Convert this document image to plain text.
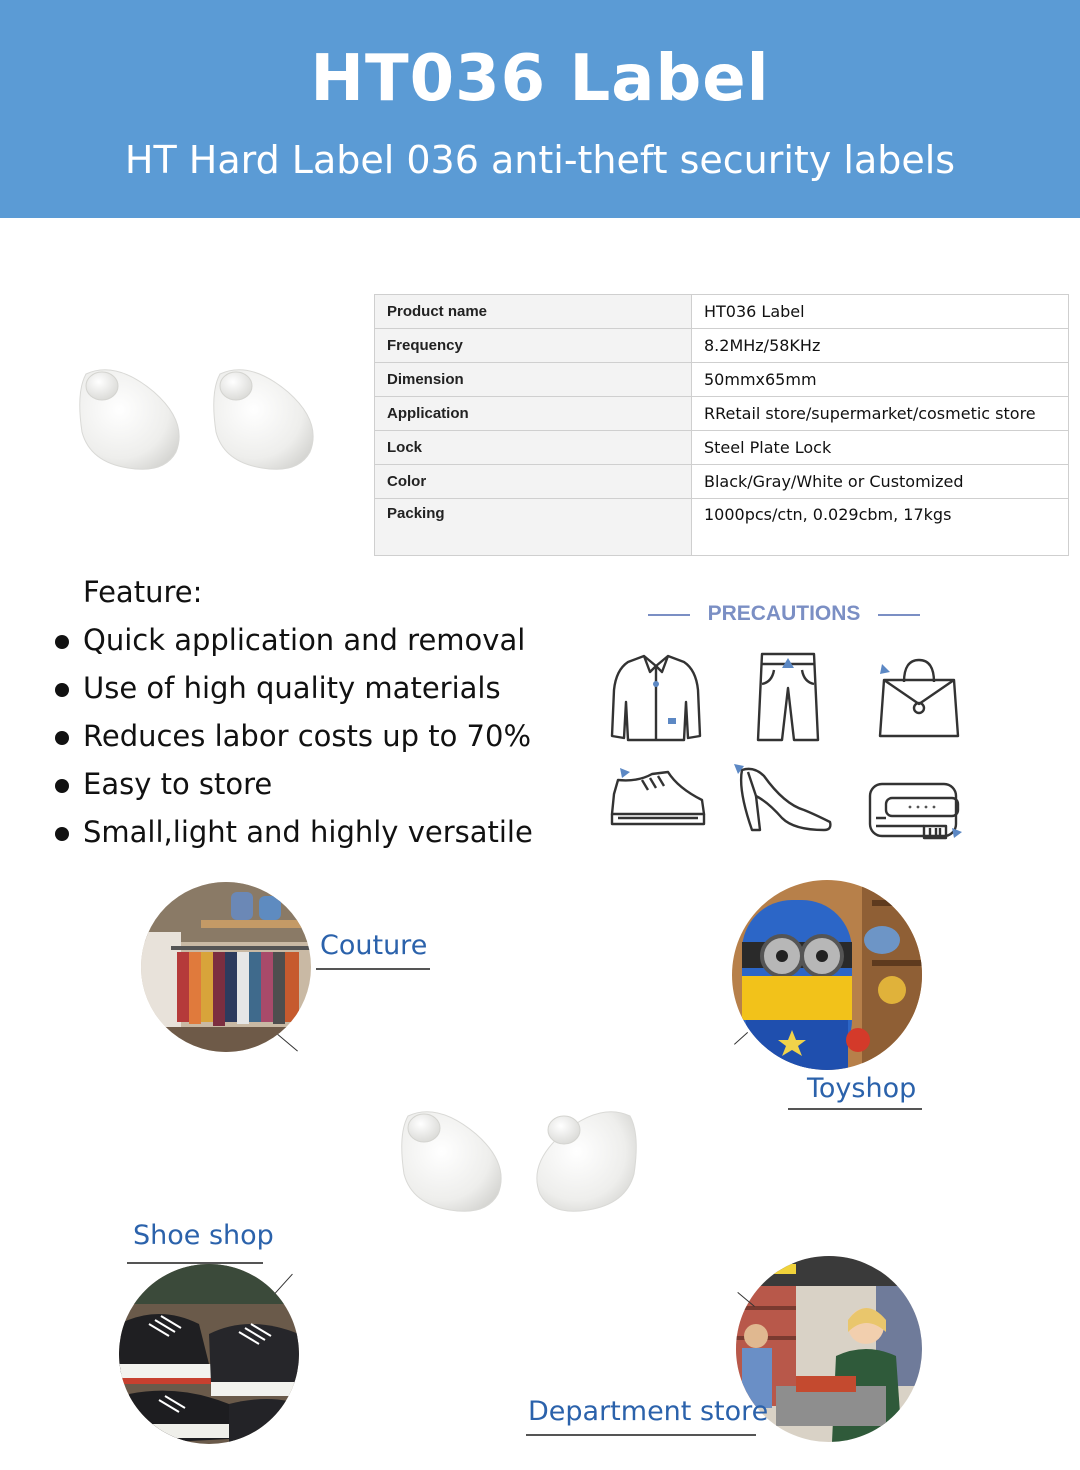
HT036 Label
HT Hard Label 036 anti-theft security labels
Product name	HT036 Label
Frequency	8.2MHz/58KHz
Dimension	50mmx65mm
Application	RRetail store/supermarket/cosmetic store
Lock	Steel Plate Lock
Color	Black/Gray/White or Customized
Packing	1000pcs/ctn, 0.029cbm, 17kgs
Feature:
Quick application and removal
Use of high quality materials
Reduces labor costs up to 70%
Easy to store
Small,light and highly versatile
PRECAUTIONS
Couture
Toyshop
Shoe shop
Department store
